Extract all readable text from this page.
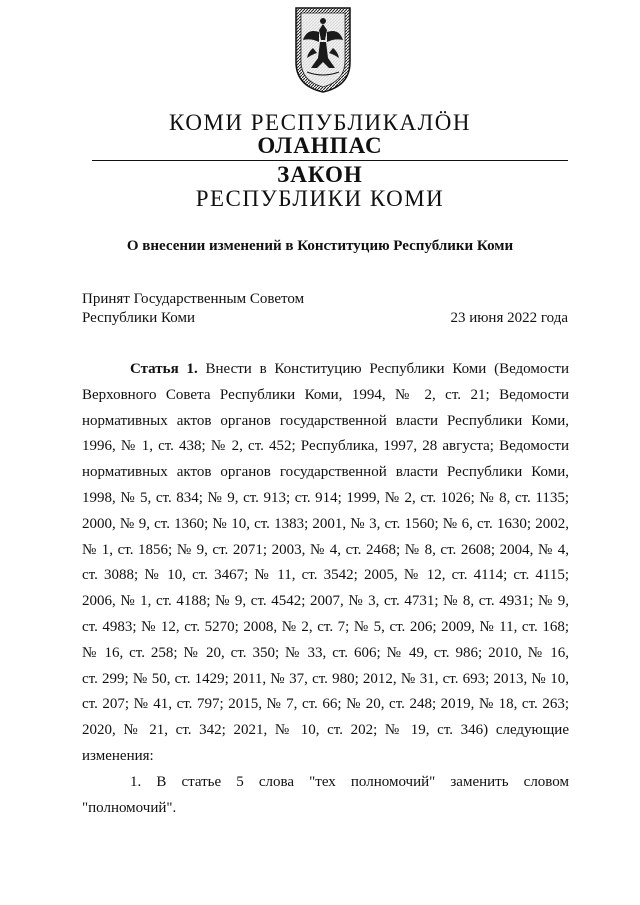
КОМИ РЕСПУБЛИКАЛÖН
ОЛАНПАС
ЗАКОН
РЕСПУБЛИКИ КОМИ
О внесении изменений в Конституцию Республики Коми
Принят Государственным Советом
Республики Коми	23 июня 2022 года
Статья 1. Внести в Конституцию Республики Коми (Ведомости
Верховного Совета Республики Коми, 1994, № 2, ст. 21; Ведомости
нормативных актов органов государственной власти Республики Коми,
1996, № 1, ст. 438; № 2, ст. 452; Республика, 1997, 28 августа; Ведомости
нормативных актов органов государственной власти Республики Коми,
1998, № 5, ст. 834; № 9, ст. 913; ст. 914; 1999, № 2, ст. 1026; № 8, ст. 1135;
2000, № 9, ст. 1360; № 10, ст. 1383; 2001, № 3, ст. 1560; № 6, ст. 1630; 2002,
№ 1, ст. 1856; № 9, ст. 2071; 2003, № 4, ст. 2468; № 8, ст. 2608; 2004, № 4,
ст. 3088; № 10, ст. 3467; № 11, ст. 3542; 2005, № 12, ст. 4114; ст. 4115;
2006, № 1, ст. 4188; № 9, ст. 4542; 2007, № 3, ст. 4731; № 8, ст. 4931; № 9,
ст. 4983; № 12, ст. 5270; 2008, № 2, ст. 7; № 5, ст. 206; 2009, № 11, ст. 168;
№ 16, ст. 258; № 20, ст. 350; № 33, ст. 606; № 49, ст. 986; 2010, № 16,
ст. 299; № 50, ст. 1429; 2011, № 37, ст. 980; 2012, № 31, ст. 693; 2013, № 10,
ст. 207; № 41, ст. 797; 2015, № 7, ст. 66; № 20, ст. 248; 2019, № 18, ст. 263;
2020, № 21, ст. 342; 2021, № 10, ст. 202; № 19, ст. 346) следующие
изменения:
1. В статье 5 слова "тех полномочий" заменить словом
"полномочий".
